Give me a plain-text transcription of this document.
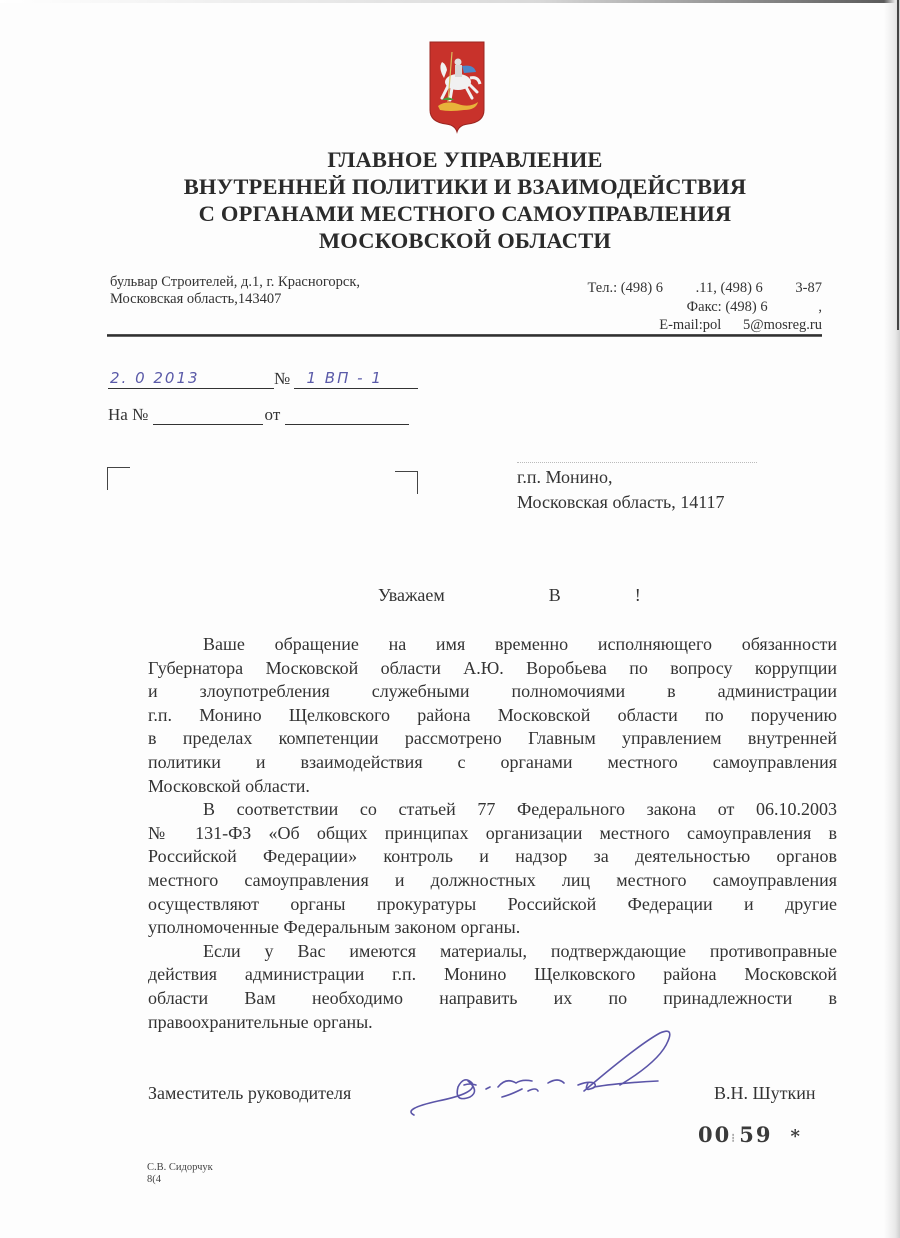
ГЛАВНОЕ УПРАВЛЕНИЕ
ВНУТРЕННЕЙ ПОЛИТИКИ И ВЗАИМОДЕЙСТВИЯ
С ОРГАНАМИ МЕСТНОГО САМОУПРАВЛЕНИЯ
МОСКОВСКОЙ ОБЛАСТИ
бульвар Строителей, д.1, г. Красногорск,
Московская область,143407
Тел.: (498) 6     .11, (498) 6     3-87
Факс: (498) 6        ,
E-mail:pol   5@mosreg.ru
2. 0 2013	№ 1 ВП - 1
На №	от
г.п. Монино,
Московская область, 14117
Уважаем	В	!

Ваше обращение на имя временно исполняющего обязанности
Губернатора Московской области А.Ю. Воробьева по вопросу коррупции
и злоупотребления служебными полномочиями в администрации
г.п. Монино Щелковского района Московской области по поручению
в пределах компетенции рассмотрено Главным управлением внутренней
политики и взаимодействия с органами местного самоуправления
Московской области.

В соответствии со статьей 77 Федерального закона от 06.10.2003
№ 131-ФЗ «Об общих принципах организации местного самоуправления в
Российской Федерации» контроль и надзор за деятельностью органов
местного самоуправления и должностных лиц местного самоуправления
осуществляют органы прокуратуры Российской Федерации и другие
уполномоченные Федеральным законом органы.

Если у Вас имеются материалы, подтверждающие противоправные
действия администрации г.п. Монино Щелковского района Московской
области Вам необходимо направить их по принадлежности в
правоохранительные органы.

Заместитель руководителя	В.Н. Шуткин
00⁝ 59 *
С.В. Сидорчук
8(4       
